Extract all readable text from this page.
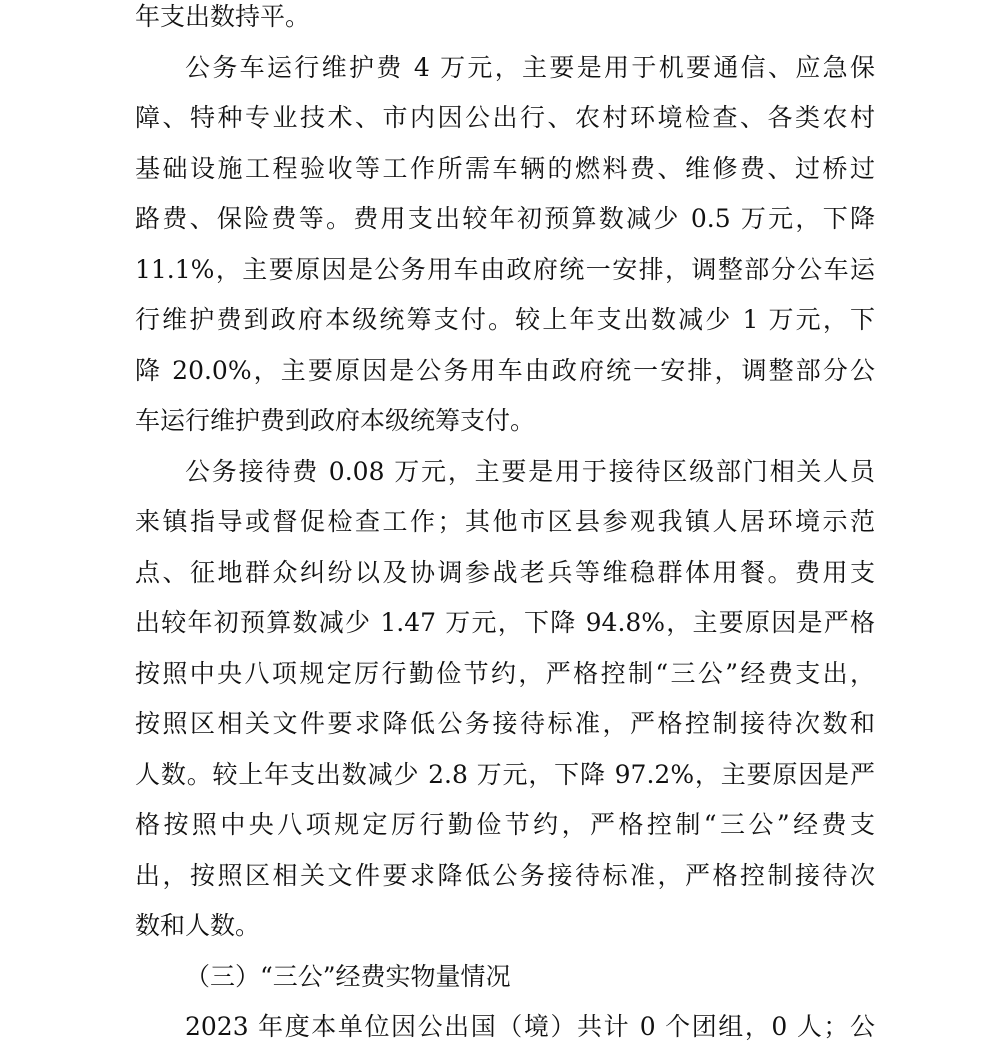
年支出数持平。
公务车运行维护费 4 万元，主要是用于机要通信、应急保
障、特种专业技术、市内因公出行、农村环境检查、各类农村
基础设施工程验收等工作所需车辆的燃料费、维修费、过桥过
路费、保险费等。费用支出较年初预算数减少 0.5 万元，下降
11.1%，主要原因是公务用车由政府统一安排，调整部分公车运
行维护费到政府本级统筹支付。较上年支出数减少 1 万元，下
降 20.0%，主要原因是公务用车由政府统一安排，调整部分公
车运行维护费到政府本级统筹支付。
公务接待费 0.08 万元，主要是用于接待区级部门相关人员
来镇指导或督促检查工作；其他市区县参观我镇人居环境示范
点、征地群众纠纷以及协调参战老兵等维稳群体用餐。费用支
出较年初预算数减少 1.47 万元，下降 94.8%，主要原因是严格
按照中央八项规定厉行勤俭节约，严格控制“三公”经费支出，
按照区相关文件要求降低公务接待标准，严格控制接待次数和
人数。较上年支出数减少 2.8 万元，下降 97.2%，主要原因是严
格按照中央八项规定厉行勤俭节约，严格控制“三公”经费支
出，按照区相关文件要求降低公务接待标准，严格控制接待次
数和人数。
（三）“三公”经费实物量情况
2023 年度本单位因公出国（境）共计 0 个团组，0 人；公
